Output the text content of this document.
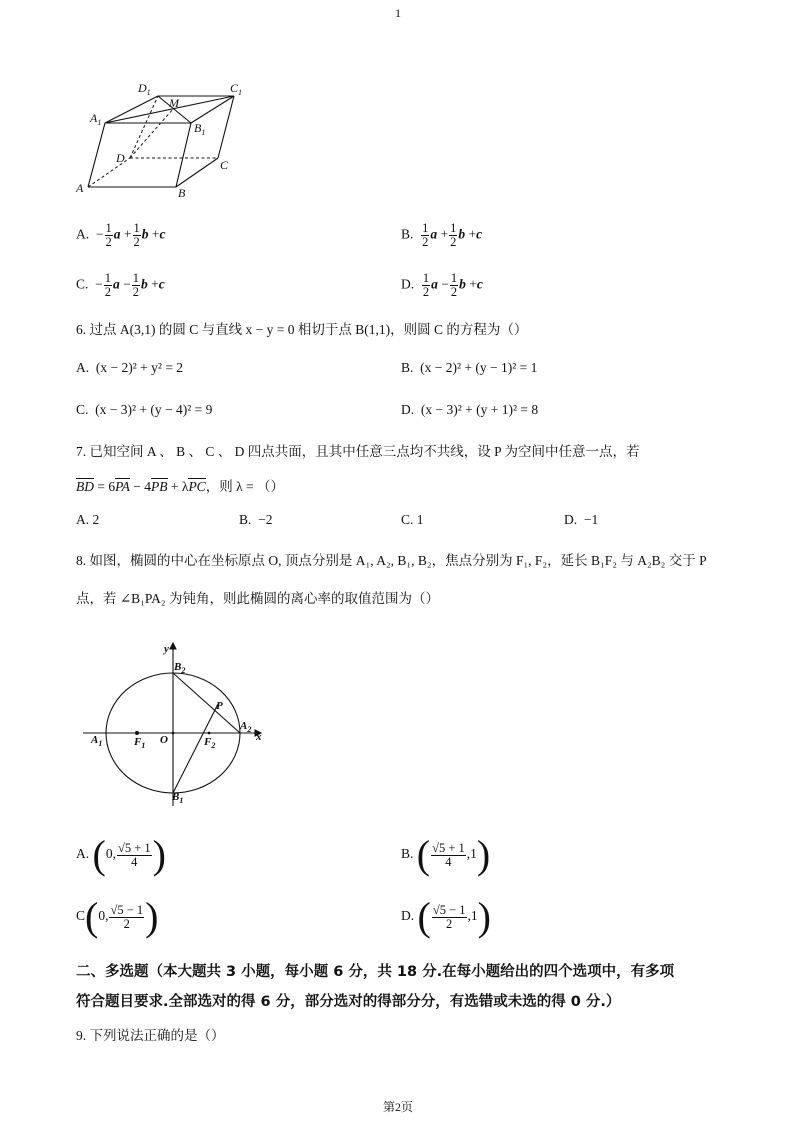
1
$D_1$	$C_1$
$A_1$	$B_1$
M
D	C
A	B
A. − $\frac{1}{2}$ $a + \frac{1}{2}$ b +c	B. $\frac{1}{2}$ $a + \frac{1}{2}$ b +c
C. − $\frac{1}{2}$ $a - \frac{1}{2}$ b +c	D. $\frac{1}{2}$ $a - \frac{1}{2}$ b +c
6. 过点 A(3,1) 的圆 C 与直线 x − y = 0 相切于点 B(1,1)，则圆 C 的方程为（）
A. (x − 2)² + y² = 2	B. (x − 2)² + (y − 1)² = 1
C. (x − 3)² + (y − 4)² = 9	D. (x − 3)² + (y + 1)² = 8
7. 已知空间 A 、 B 、 C 、 D 四点共面，且其中任意三点均不共线，设 P 为空间中任意一点，若
BD = 6PA − 4PB + λPC，则 λ = （）
A. 2	B. −2	C. 1	D. −1
8. 如图，椭圆的中心在坐标原点 O, 顶点分别是 A₁, A₂, B₁, B₂，焦点分别为 F₁, F₂，延长 B₁F₂ 与 A₂B₂ 交于 P
点，若 ∠B₁PA₂ 为钝角，则此椭圆的离心率的取值范围为（）
y
x
$B_2$
$B_1$
$A_1$
$A_2$
$F_1$	$F_2$
O
P
A. (0, $\frac{√5 + 1}{4}$ )	B. ( $\frac{√5 + 1}{4} ,1$)
C(0, $\frac{√5 - 1}{2}$ )	D. ( $\frac{√5 - 1}{2} ,1$)
二、多选题（本大题共 3 小题，每小题 6 分，共 18 分.在每小题给出的四个选项中，有多项
符合题目要求.全部选对的得 6 分，部分选对的得部分分，有选错或未选的得 0 分.）
9. 下列说法正确的是（）
第2页
